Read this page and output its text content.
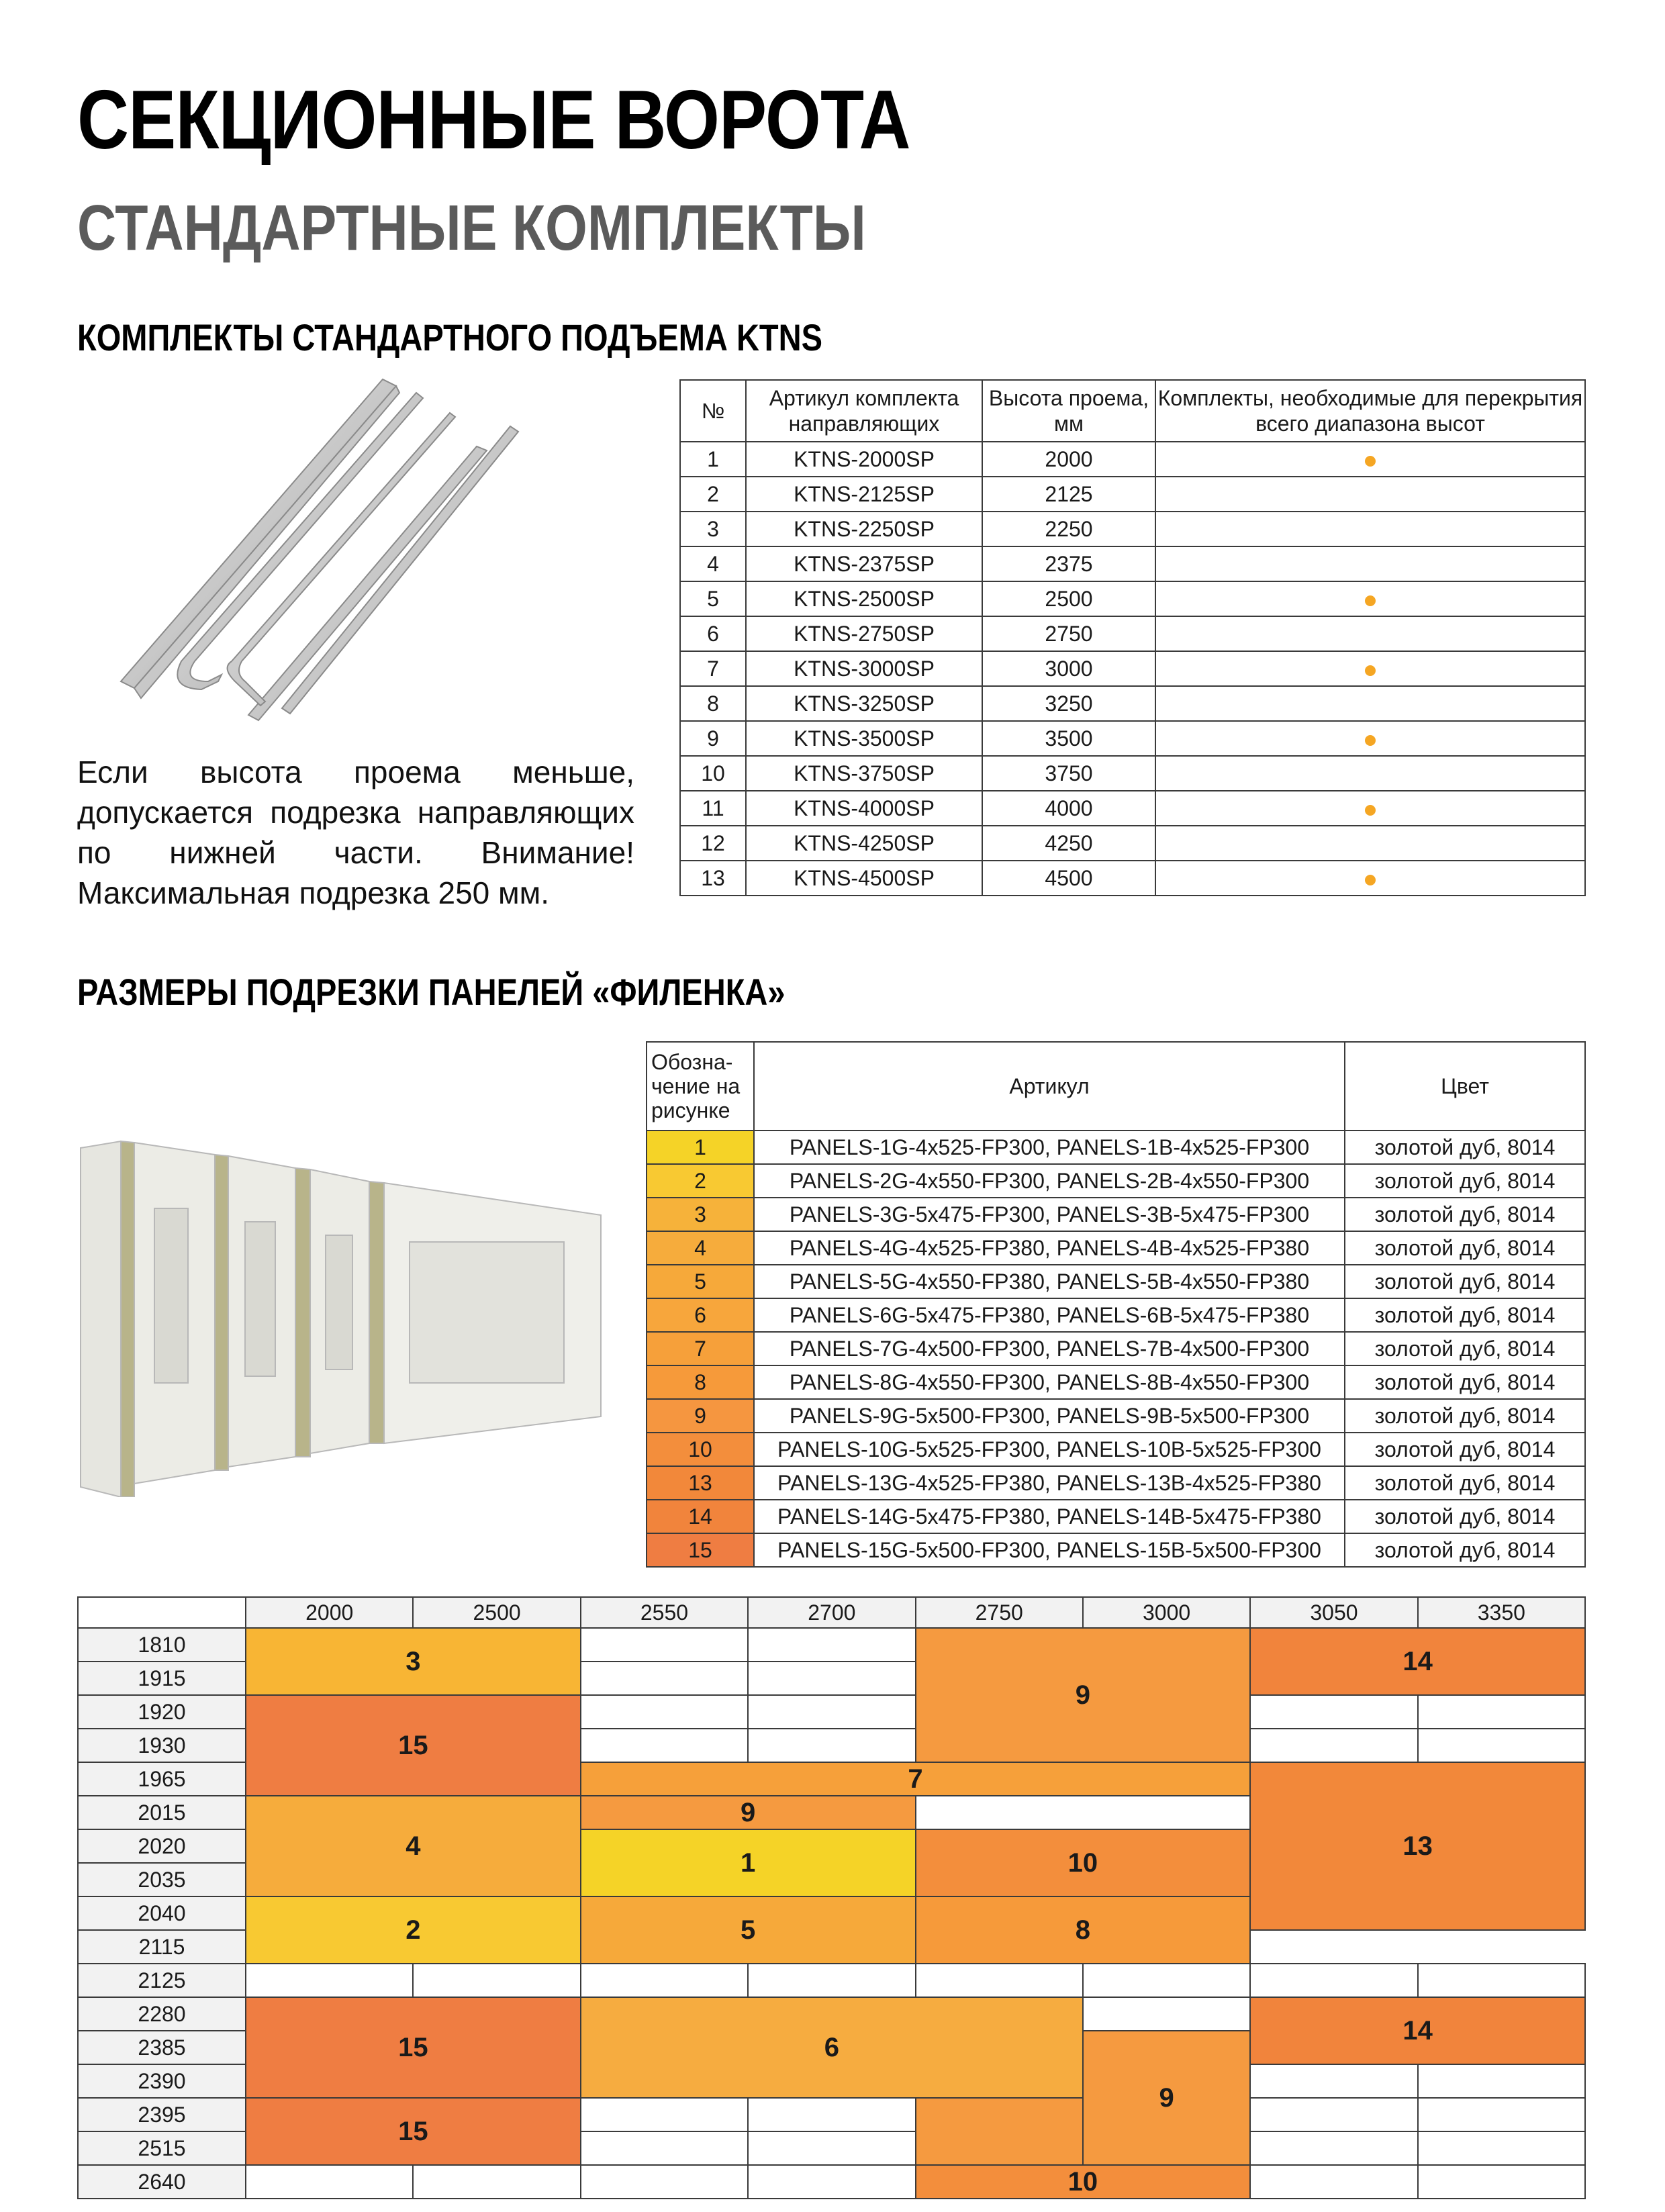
СЕКЦИОННЫЕ ВОРОТА
СТАНДАРТНЫЕ КОМПЛЕКТЫ
КОМПЛЕКТЫ СТАНДАРТНОГО ПОДЪЕМА KTNS
Если высота проема меньше, допускается подрезка направляющих по нижней части. Внимание! Максимальная подрезка 250 мм.
№	Артикул комплекта направляющих	Высота проема, мм	Комплекты, необходимые для перекрытия всего диапазона высот
1	KTNS-2000SP	2000	
2	KTNS-2125SP	2125	
3	KTNS-2250SP	2250	
4	KTNS-2375SP	2375	
5	KTNS-2500SP	2500	
6	KTNS-2750SP	2750	
7	KTNS-3000SP	3000	
8	KTNS-3250SP	3250	
9	KTNS-3500SP	3500	
10	KTNS-3750SP	3750	
11	KTNS-4000SP	4000	
12	KTNS-4250SP	4250	
13	KTNS-4500SP	4500	
РАЗМЕРЫ ПОДРЕЗКИ ПАНЕЛЕЙ «ФИЛЕНКА»
Обозна- чение на рисунке	Артикул	Цвет
1	PANELS-1G-4x525-FP300, PANELS-1B-4x525-FP300	золотой дуб, 8014
2	PANELS-2G-4x550-FP300, PANELS-2B-4x550-FP300	золотой дуб, 8014
3	PANELS-3G-5x475-FP300, PANELS-3B-5x475-FP300	золотой дуб, 8014
4	PANELS-4G-4x525-FP380, PANELS-4B-4x525-FP380	золотой дуб, 8014
5	PANELS-5G-4x550-FP380, PANELS-5B-4x550-FP380	золотой дуб, 8014
6	PANELS-6G-5x475-FP380, PANELS-6B-5x475-FP380	золотой дуб, 8014
7	PANELS-7G-4x500-FP300, PANELS-7B-4x500-FP300	золотой дуб, 8014
8	PANELS-8G-4x550-FP300, PANELS-8B-4x550-FP300	золотой дуб, 8014
9	PANELS-9G-5x500-FP300, PANELS-9B-5x500-FP300	золотой дуб, 8014
10	PANELS-10G-5x525-FP300, PANELS-10B-5x525-FP300	золотой дуб, 8014
13	PANELS-13G-4x525-FP380, PANELS-13B-4x525-FP380	золотой дуб, 8014
14	PANELS-14G-5x475-FP380, PANELS-14B-5x475-FP380	золотой дуб, 8014
15	PANELS-15G-5x500-FP300, PANELS-15B-5x500-FP300	золотой дуб, 8014
	2000	2500	2550	2700	2750	3000	3050	3350
1810	3				9		14	
1915								
1920	15							
1930								
1965			7				13	
2015	4		9					
2020			1		10			
2035								
2040	2		5		8			
2115								
2125								
2280	15		6				14	
2385						9		
2390								
2395	15							
2515								
2640					10			
